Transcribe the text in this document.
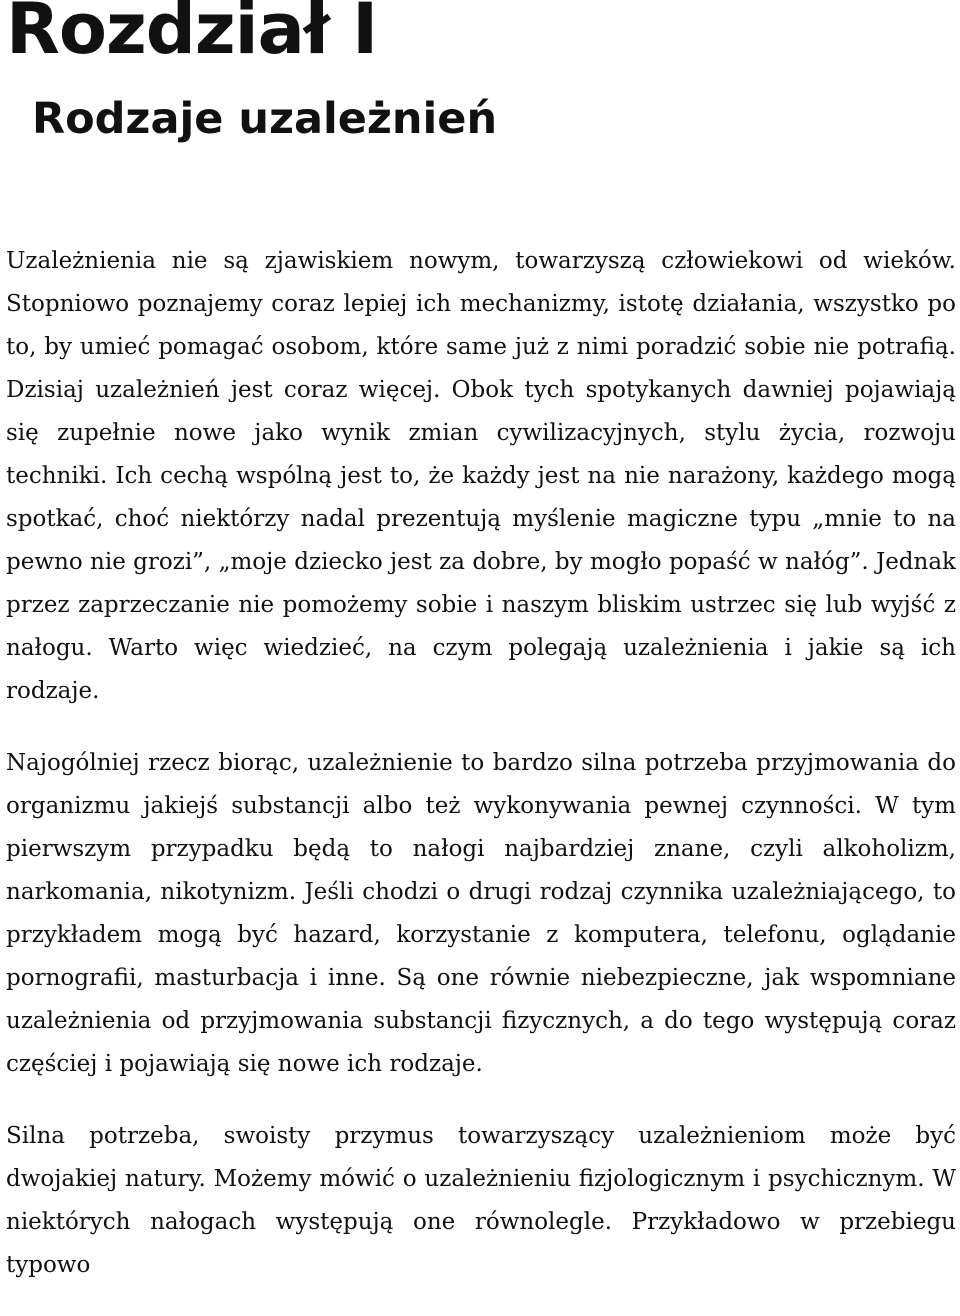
Rozdział I
Rodzaje uzależnień

Uzależnienia nie są zjawiskiem nowym, towarzyszą człowiekowi od wieków. Stopniowo poznajemy coraz lepiej ich mechanizmy, istotę działania, wszystko po to, by umieć pomagać osobom, które same już z nimi poradzić sobie nie potrafią. Dzisiaj uzależnień jest coraz więcej. Obok tych spotykanych dawniej pojawiają się zupełnie nowe jako wynik zmian cywilizacyjnych, stylu życia, rozwoju techniki. Ich cechą wspólną jest to, że każdy jest na nie narażony, każdego mogą spotkać, choć niektórzy nadal prezentują myślenie magiczne typu „mnie to na pewno nie grozi”, „moje dziecko jest za dobre, by mogło popaść w nałóg”. Jednak przez zaprzeczanie nie pomożemy sobie i naszym bliskim ustrzec się lub wyjść z nałogu. Warto więc wiedzieć, na czym polegają uzależnienia i jakie są ich rodzaje.

Najogólniej rzecz biorąc, uzależnienie to bardzo silna potrzeba przyjmowania do organizmu jakiejś substancji albo też wykonywania pewnej czynności. W tym pierwszym przypadku będą to nałogi najbardziej znane, czyli alkoholizm, narkomania, nikotynizm. Jeśli chodzi o drugi rodzaj czynnika uzależniającego, to przykładem mogą być hazard, korzystanie z komputera, telefonu, oglądanie pornografii, masturbacja i inne. Są one równie niebezpieczne, jak wspomniane uzależnienia od przyjmowania substancji fizycznych, a do tego występują coraz częściej i pojawiają się nowe ich rodzaje.

Silna potrzeba, swoisty przymus towarzyszący uzależnieniom może być dwojakiej natury. Możemy mówić o uzależnieniu fizjologicznym i psychicznym. W niektórych nałogach występują one równolegle. Przykładowo w przebiegu typowo
